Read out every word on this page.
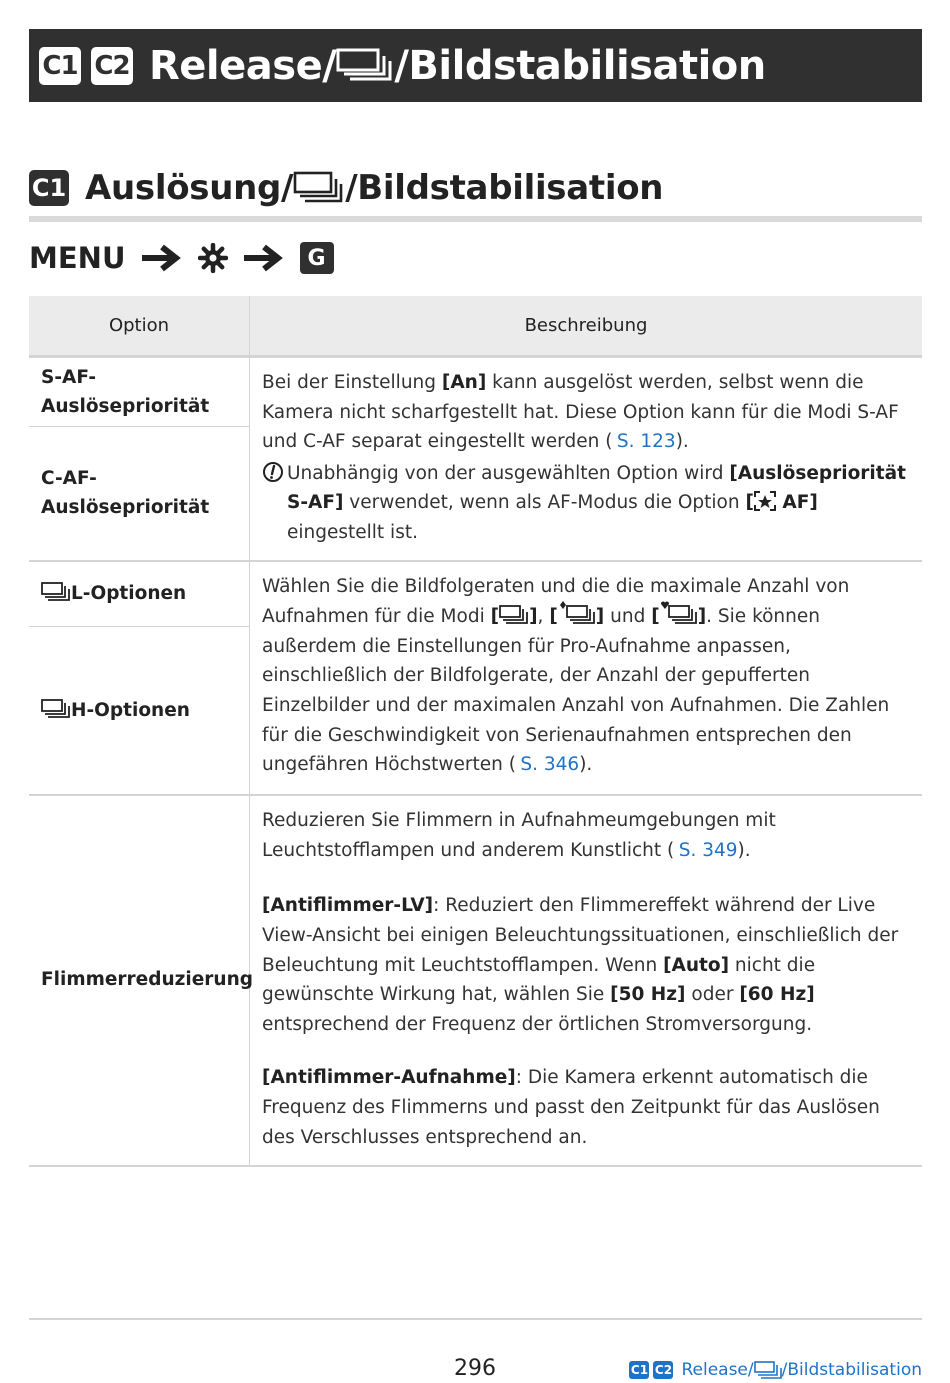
C1 C2 Release/ /Bildstabilisation
C1 Auslösung/ /Bildstabilisation
MENU	G
Option	Beschreibung
S-AF-Auslösepriorität	Bei der Einstellung [An] kann ausgelöst werden, selbst wenn die Kamera nicht scharfgestellt hat. Diese Option kann für die Modi S-AF und C-AF separat eingestellt werden ( S. 123).

Unabhängig von der ausgewählten Option wird [Auslösepriorität S-AF] verwendet, wenn als AF-Modus die Option [ AF] eingestellt ist.

C-AF-Auslösepriorität	
L-Optionen	Wählen Sie die Bildfolgeraten und die die maximale Anzahl von Aufnahmen für die Modi [ ], [ ] und [ ]. Sie können außerdem die Einstellungen für Pro-Aufnahme anpassen, einschließlich der Bildfolgerate, der Anzahl der gepufferten Einzelbilder und der maximalen Anzahl von Aufnahmen. Die Zahlen für die Geschwindigkeit von Serienaufnahmen entsprechen den ungefähren Höchstwerten ( S. 346).
H-Optionen	
Flimmerreduzierung	Reduzieren Sie Flimmern in Aufnahmeumgebungen mit Leuchtstofflampen und anderem Kunstlicht ( S. 349).

[Antiflimmer-LV]: Reduziert den Flimmereffekt während der Live View-Ansicht bei einigen Beleuchtungssituationen, einschließlich der Beleuchtung mit Leuchtstofflampen. Wenn [Auto] nicht die gewünschte Wirkung hat, wählen Sie [50 Hz] oder [60 Hz] entsprechend der Frequenz der örtlichen Stromversorgung.

[Antiflimmer-Aufnahme]: Die Kamera erkennt automatisch die Frequenz des Flimmerns und passt den Zeitpunkt für das Auslösen des Verschlusses entsprechend an.

296	C1 C2 Release/ /Bildstabilisation
